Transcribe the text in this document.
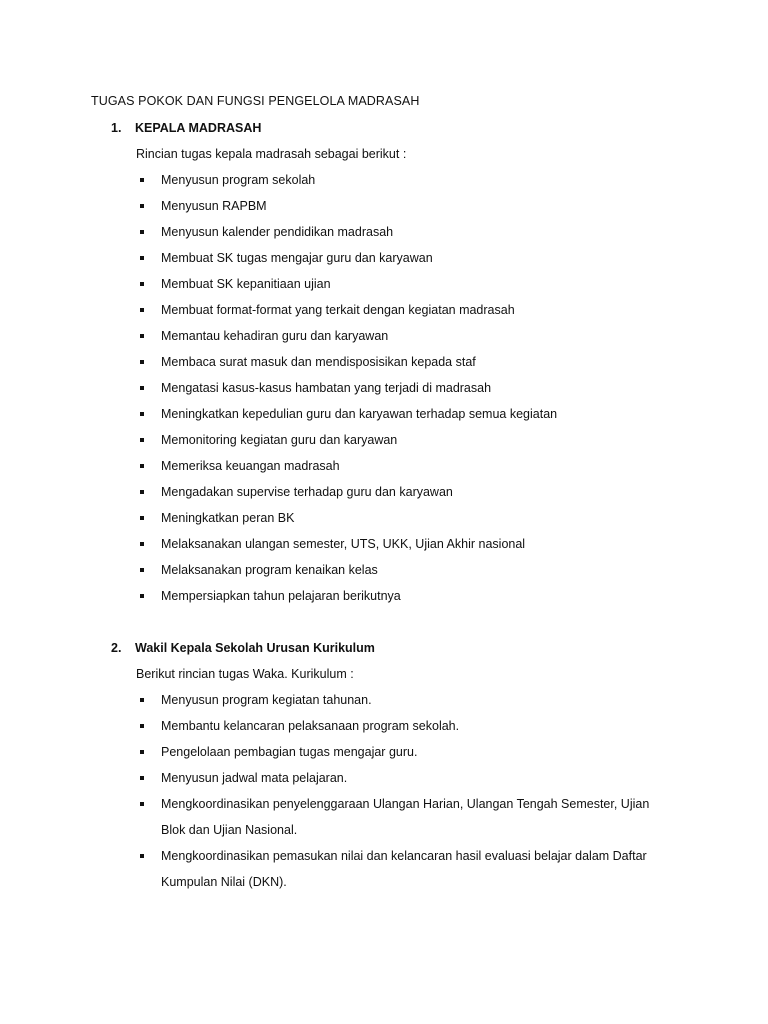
TUGAS POKOK DAN FUNGSI PENGELOLA MADRASAH
1.	KEPALA MADRASAH
Rincian tugas kepala madrasah sebagai berikut :
Menyusun program sekolah
Menyusun RAPBM
Menyusun kalender pendidikan madrasah
Membuat SK tugas mengajar guru dan karyawan
Membuat SK kepanitiaan ujian
Membuat format-format yang terkait dengan kegiatan madrasah
Memantau kehadiran guru dan karyawan
Membaca surat masuk dan mendisposisikan kepada staf
Mengatasi kasus-kasus hambatan yang terjadi di madrasah
Meningkatkan kepedulian guru dan karyawan terhadap semua kegiatan
Memonitoring kegiatan guru dan karyawan
Memeriksa keuangan madrasah
Mengadakan supervise terhadap guru dan karyawan
Meningkatkan peran BK
Melaksanakan ulangan semester, UTS, UKK, Ujian Akhir nasional
Melaksanakan program kenaikan kelas
Mempersiapkan tahun pelajaran berikutnya
2.	Wakil Kepala Sekolah Urusan Kurikulum
Berikut rincian tugas Waka. Kurikulum :
Menyusun program kegiatan tahunan.
Membantu kelancaran pelaksanaan program sekolah.
Pengelolaan pembagian tugas mengajar guru.
Menyusun jadwal mata pelajaran.
Mengkoordinasikan penyelenggaraan Ulangan Harian, Ulangan Tengah Semester, Ujian Blok dan Ujian Nasional.
Mengkoordinasikan pemasukan nilai dan kelancaran hasil evaluasi belajar dalam Daftar Kumpulan Nilai (DKN).
